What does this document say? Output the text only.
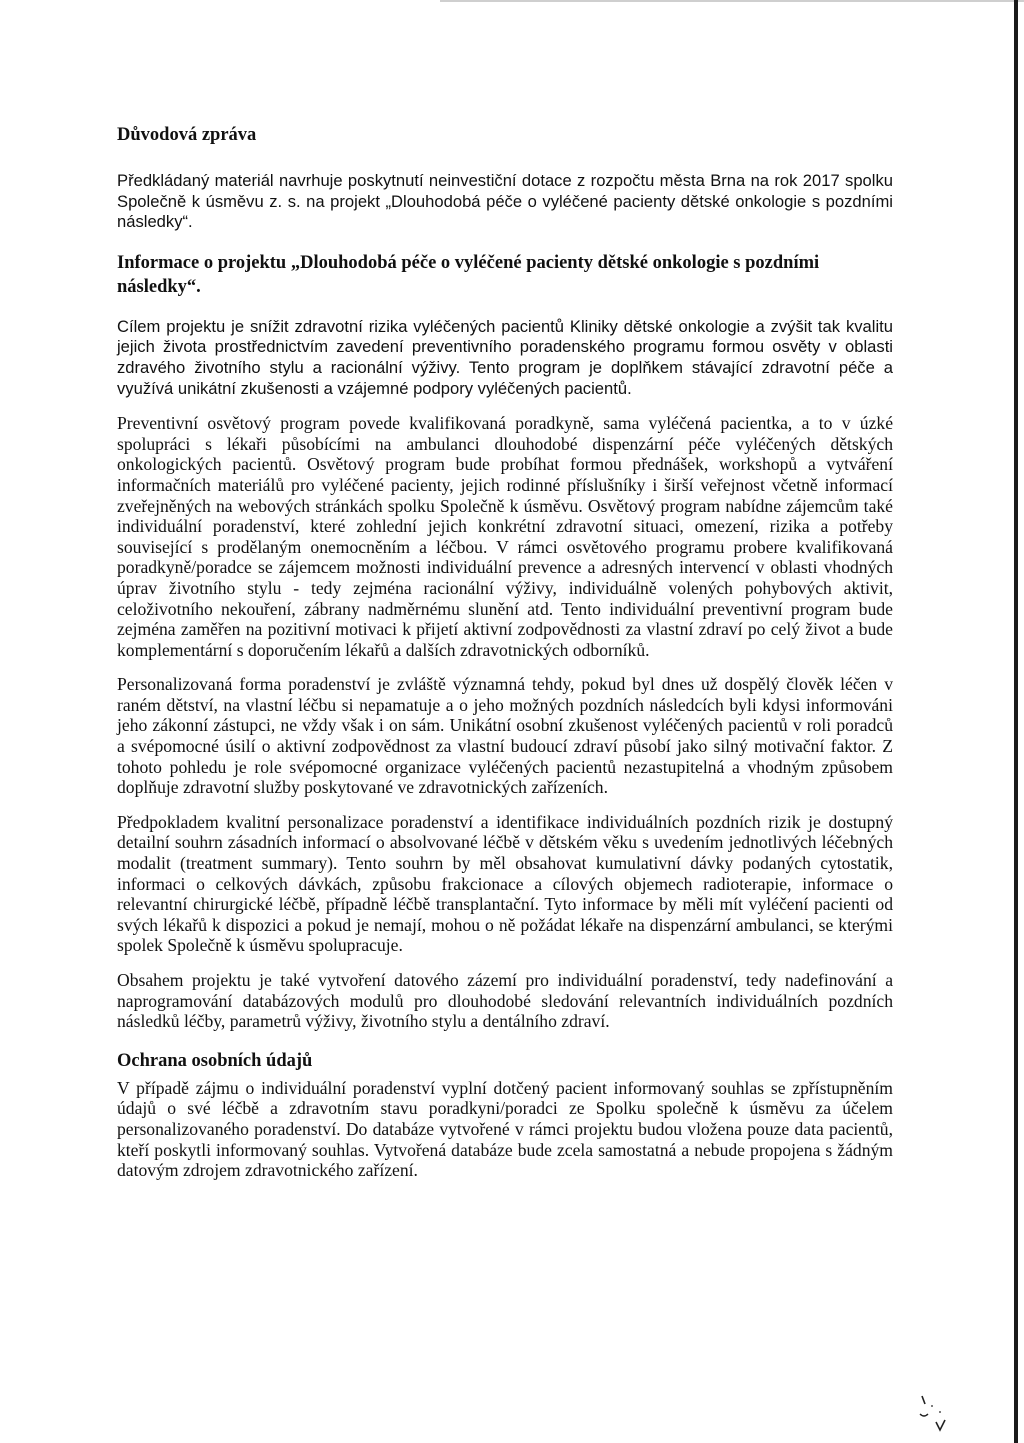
Důvodová zpráva

Předkládaný materiál navrhuje poskytnutí neinvestiční dotace z rozpočtu města Brna na rok 2017 spolku Společně k úsměvu z. s. na projekt „Dlouhodobá péče o vyléčené pacienty dětské onkologie s pozdními následky“.

Informace o projektu „Dlouhodobá péče o vyléčené pacienty dětské onkologie s pozdními následky“.

Cílem projektu je snížit zdravotní rizika vyléčených pacientů Kliniky dětské onkologie a zvýšit tak kvalitu jejich života prostřednictvím zavedení preventivního poradenského programu formou osvěty v oblasti zdravého životního stylu a racionální výživy. Tento program je doplňkem stávající zdravotní péče a využívá unikátní zkušenosti a vzájemné podpory vyléčených pacientů.

Preventivní osvětový program povede kvalifikovaná poradkyně, sama vyléčená pacientka, a to v úzké spolupráci s lékaři působícími na ambulanci dlouhodobé dispenzární péče vyléčených dětských onkologických pacientů. Osvětový program bude probíhat formou přednášek, workshopů a vytváření informačních materiálů pro vyléčené pacienty, jejich rodinné příslušníky i širší veřejnost včetně informací zveřejněných na webových stránkách spolku Společně k úsměvu. Osvětový program nabídne zájemcům také individuální poradenství, které zohlední jejich konkrétní zdravotní situaci, omezení, rizika a potřeby související s prodělaným onemocněním a léčbou. V rámci osvětového programu probere kvalifikovaná poradkyně/poradce se zájemcem možnosti individuální prevence a adresných intervencí v oblasti vhodných úprav životního stylu - tedy zejména racionální výživy, individuálně volených pohybových aktivit, celoživotního nekouření, zábrany nadměrnému slunění atd. Tento individuální preventivní program bude zejména zaměřen na pozitivní motivaci k přijetí aktivní zodpovědnosti za vlastní zdraví po celý život a bude komplementární s doporučením lékařů a dalších zdravotnických odborníků.

Personalizovaná forma poradenství je zvláště významná tehdy, pokud byl dnes už dospělý člověk léčen v raném dětství, na vlastní léčbu si nepamatuje a o jeho možných pozdních následcích byli kdysi informováni jeho zákonní zástupci, ne vždy však i on sám. Unikátní osobní zkušenost vyléčených pacientů v roli poradců a svépomocné úsilí o aktivní zodpovědnost za vlastní budoucí zdraví působí jako silný motivační faktor. Z tohoto pohledu je role svépomocné organizace vyléčených pacientů nezastupitelná a vhodným způsobem doplňuje zdravotní služby poskytované ve zdravotnických zařízeních.

Předpokladem kvalitní personalizace poradenství a identifikace individuálních pozdních rizik je dostupný detailní souhrn zásadních informací o absolvované léčbě v dětském věku s uvedením jednotlivých léčebných modalit (treatment summary). Tento souhrn by měl obsahovat kumulativní dávky podaných cytostatik, informaci o celkových dávkách, způsobu frakcionace a cílových objemech radioterapie, informace o relevantní chirurgické léčbě, případně léčbě transplantační. Tyto informace by měli mít vyléčení pacienti od svých lékařů k dispozici a pokud je nemají, mohou o ně požádat lékaře na dispenzární ambulanci, se kterými spolek Společně k úsměvu spolupracuje.

Obsahem projektu je také vytvoření datového zázemí pro individuální poradenství, tedy nadefinování a naprogramování databázových modulů pro dlouhodobé sledování relevantních individuálních pozdních následků léčby, parametrů výživy, životního stylu a dentálního zdraví.

Ochrana osobních údajů

V případě zájmu o individuální poradenství vyplní dotčený pacient informovaný souhlas se zpřístupněním údajů o své léčbě a zdravotním stavu poradkyni/poradci ze Spolku společně k úsměvu za účelem personalizovaného poradenství. Do databáze vytvořené v rámci projektu budou vložena pouze data pacientů, kteří poskytli informovaný souhlas. Vytvořená databáze bude zcela samostatná a nebude propojena s žádným datovým zdrojem zdravotnického zařízení.
